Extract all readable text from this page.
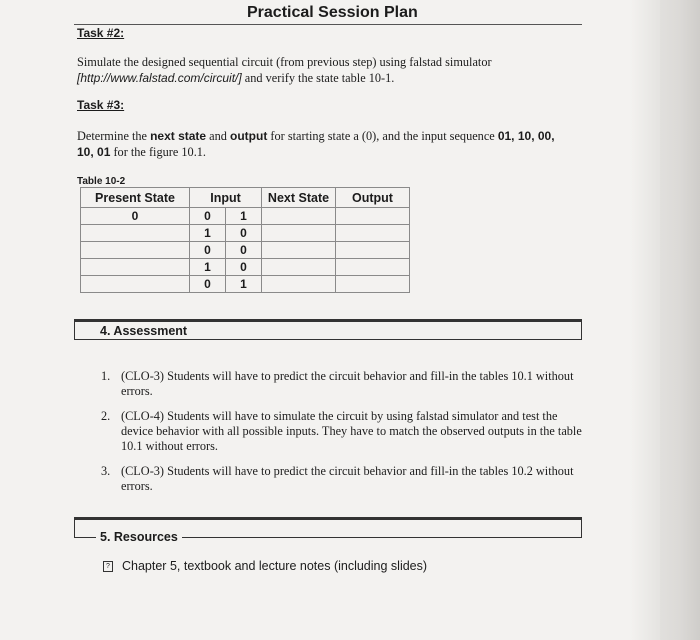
Practical Session Plan
Task #2:
Simulate the designed sequential circuit (from previous step) using falstad simulator
[http://www.falstad.com/circuit/] and verify the state table 10-1.
Task #3:
Determine the next state and output for starting state a (0), and the input sequence 01, 10, 00,
10, 01 for the figure 10.1.
Table 10-2
Present State	Input		Next State	Output
0	0	1		
	1	0		
	0	0		
	1	0		
	0	1		
4. Assessment
1. (CLO-3) Students will have to predict the circuit behavior and fill-in the tables 10.1 without errors.
2. (CLO-4) Students will have to simulate the circuit by using falstad simulator and test the device behavior with all possible inputs. They have to match the observed outputs in the table 10.1 without errors.
3. (CLO-3) Students will have to predict the circuit behavior and fill-in the tables 10.2 without errors.
5. Resources
? Chapter 5, textbook and lecture notes (including slides)
